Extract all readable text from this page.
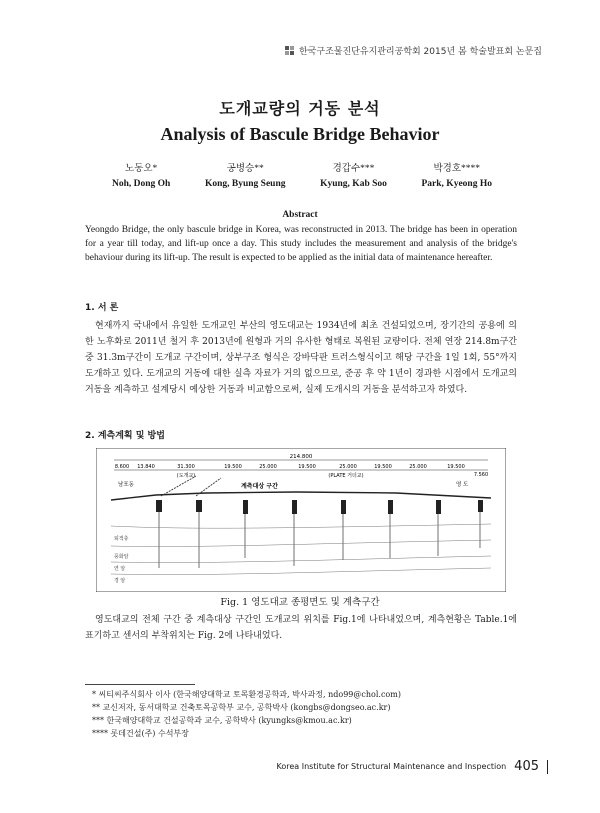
한국구조물진단유지관리공학회 2015년 봄 학술발표회 논문집
도개교량의 거동 분석
Analysis of Bascule Bridge Behavior
노동오*
Noh, Dong Oh
공병승**
Kong, Byung Seung
경갑수***
Kyung, Kab Soo
박경호****
Park, Kyeong Ho
Abstract
Yeongdo Bridge, the only bascule bridge in Korea, was reconstructed in 2013. The bridge has been in operation for a year till today, and lift-up once a day. This study includes the measurement and analysis of the bridge's behaviour during its lift-up. The result is expected to be applied as the initial data of maintenance hereafter.
1. 서 론
현재까지 국내에서 유일한 도개교인 부산의 영도대교는 1934년에 최초 건설되었으며, 장기간의 공용에 의한 노후화로 2011년 철거 후 2013년에 원형과 거의 유사한 형태로 복원된 교량이다. 전체 연장 214.8m구간 중 31.3m구간이 도개교 구간이며, 상부구조 형식은 강바닥판 트러스형식이고 해당 구간을 1일 1회, 55°까지 도개하고 있다. 도개교의 거동에 대한 실측 자료가 거의 없으므로, 준공 후 약 1년이 경과한 시점에서 도개교의 거동을 계측하고 설계당시 예상한 거동과 비교함으로써, 실제 도개시의 거동을 분석하고자 하였다.
2. 계측계획 및 방법
214.800
8.600 13.840	31.300	19.500	25.000	19.500	25.000	19.500	25.000	19.500
7.560
(도개교)	(PLATE 거더교)
계측대상 구간
남포동	영 도
퇴적층
풍화암
연 암
경 암
Fig. 1 영도대교 종평면도 및 계측구간
영도대교의 전체 구간 중 계측대상 구간인 도개교의 위치를 Fig.1에 나타내었으며, 계측현황은 Table.1에 표기하고 센서의 부착위치는 Fig. 2에 나타내었다.
* 씨티씨주식회사 이사 (한국해양대학교 토목환경공학과, 박사과정, ndo99@chol.com)
** 교신저자, 동서대학교 건축토목공학부 교수, 공학박사 (kongbs@dongseo.ac.kr)
*** 한국해양대학교 건설공학과 교수, 공학박사 (kyungks@kmou.ac.kr)
**** 롯데건설(주) 수석부장
Korea Institute for Structural Maintenance and Inspection 405
